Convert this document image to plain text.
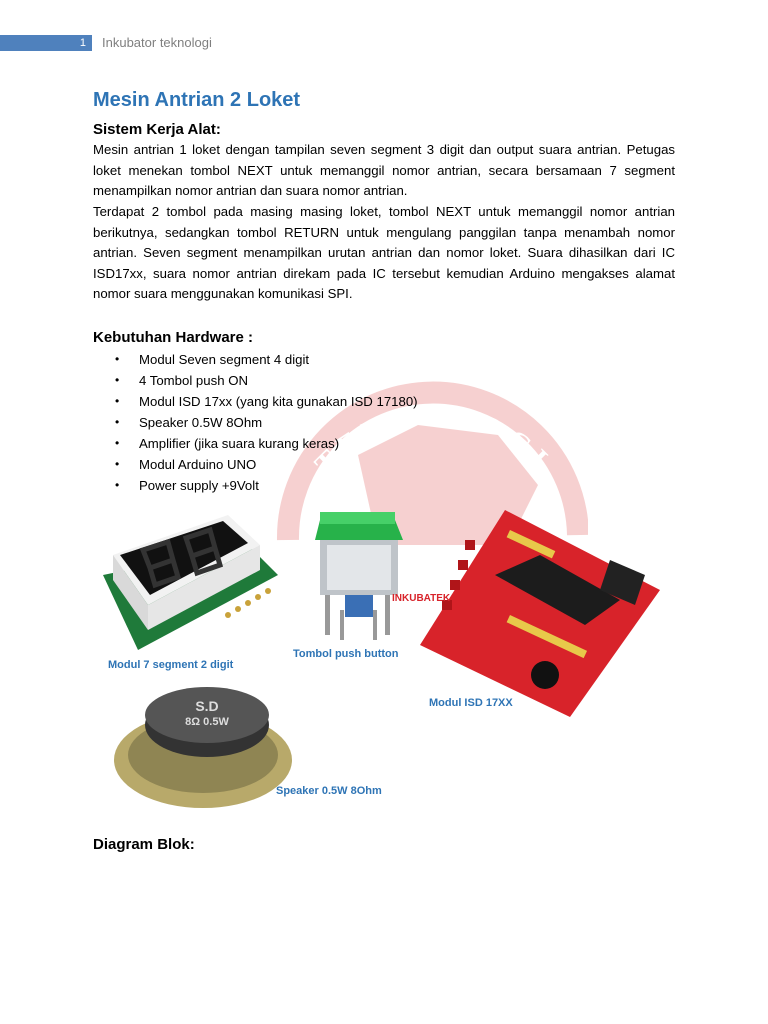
1 Inkubator teknologi
TEKNOLOGI
Mesin Antrian 2 Loket
Sistem Kerja Alat:

Mesin antrian 1 loket dengan tampilan seven segment 3 digit dan output suara antrian. Petugas loket menekan tombol NEXT untuk memanggil nomor antrian, secara bersamaan 7 segment menampilkan nomor antrian dan suara nomor antrian.

Terdapat 2 tombol pada masing masing loket, tombol NEXT untuk memanggil nomor antrian berikutnya, sedangkan tombol RETURN untuk mengulang panggilan tanpa menambah nomor antrian. Seven segment menampilkan urutan antrian dan nomor loket. Suara dihasilkan dari IC ISD17xx, suara nomor antrian direkam pada IC tersebut kemudian Arduino mengakses alamat nomor suara menggunakan komunikasi SPI.

Kebutuhan Hardware :
• Modul Seven segment 4 digit
• 4 Tombol push ON
• Modul ISD 17xx (yang kita gunakan ISD 17180)
• Speaker 0.5W 8Ohm
• Amplifier (jika suara kurang keras)
• Modul Arduino UNO
• Power supply +9Volt
Modul 7 segment 2 digit
Tombol push button
INKUBATEK
Modul ISD 17XX
S.D
8Ω 0.5W
Speaker 0.5W 8Ohm
Diagram Blok:
